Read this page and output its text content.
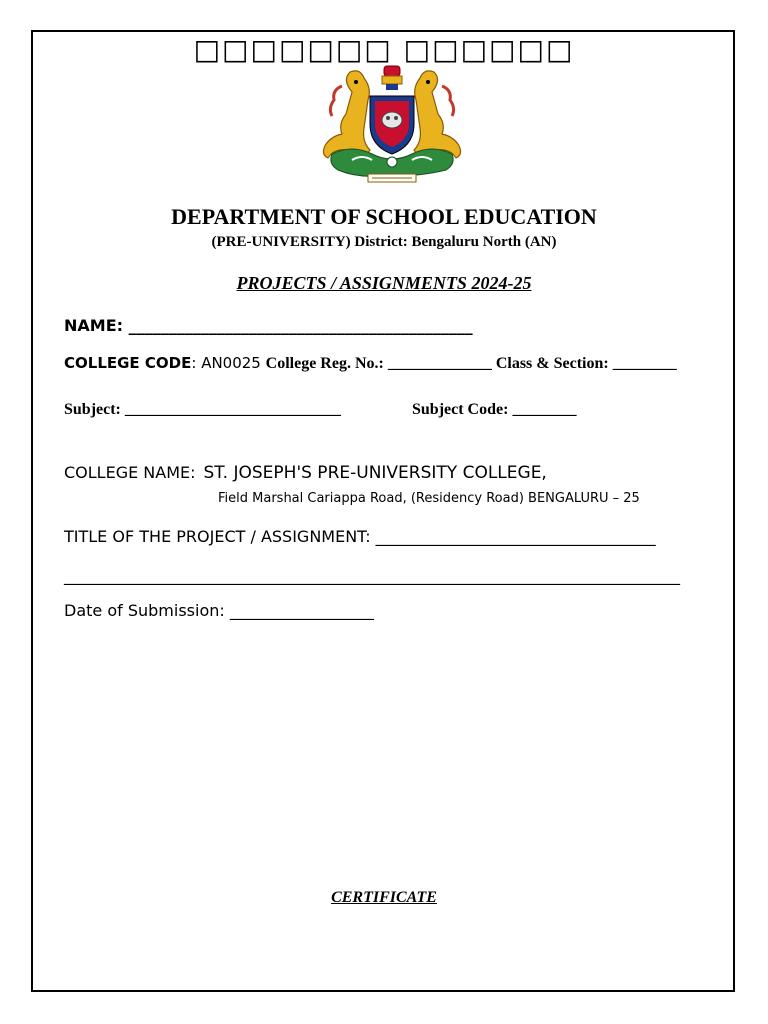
□□□□□□□ □□□□□□
DEPARTMENT OF SCHOOL EDUCATION
(PRE-UNIVERSITY) District: Bengaluru North (AN)
PROJECTS / ASSIGNMENTS 2024-25
NAME: ___________________________________________
COLLEGE CODE: AN0025 College Reg. No.: _____________ Class & Section: ________
Subject: ___________________________	Subject Code: ________
COLLEGE NAME: ST. JOSEPH'S PRE-UNIVERSITY COLLEGE,
Field Marshal Cariappa Road, (Residency Road) BENGALURU – 25
TITLE OF THE PROJECT / ASSIGNMENT: ___________________________________
_____________________________________________________________________________
Date of Submission: __________________
CERTIFICATE
